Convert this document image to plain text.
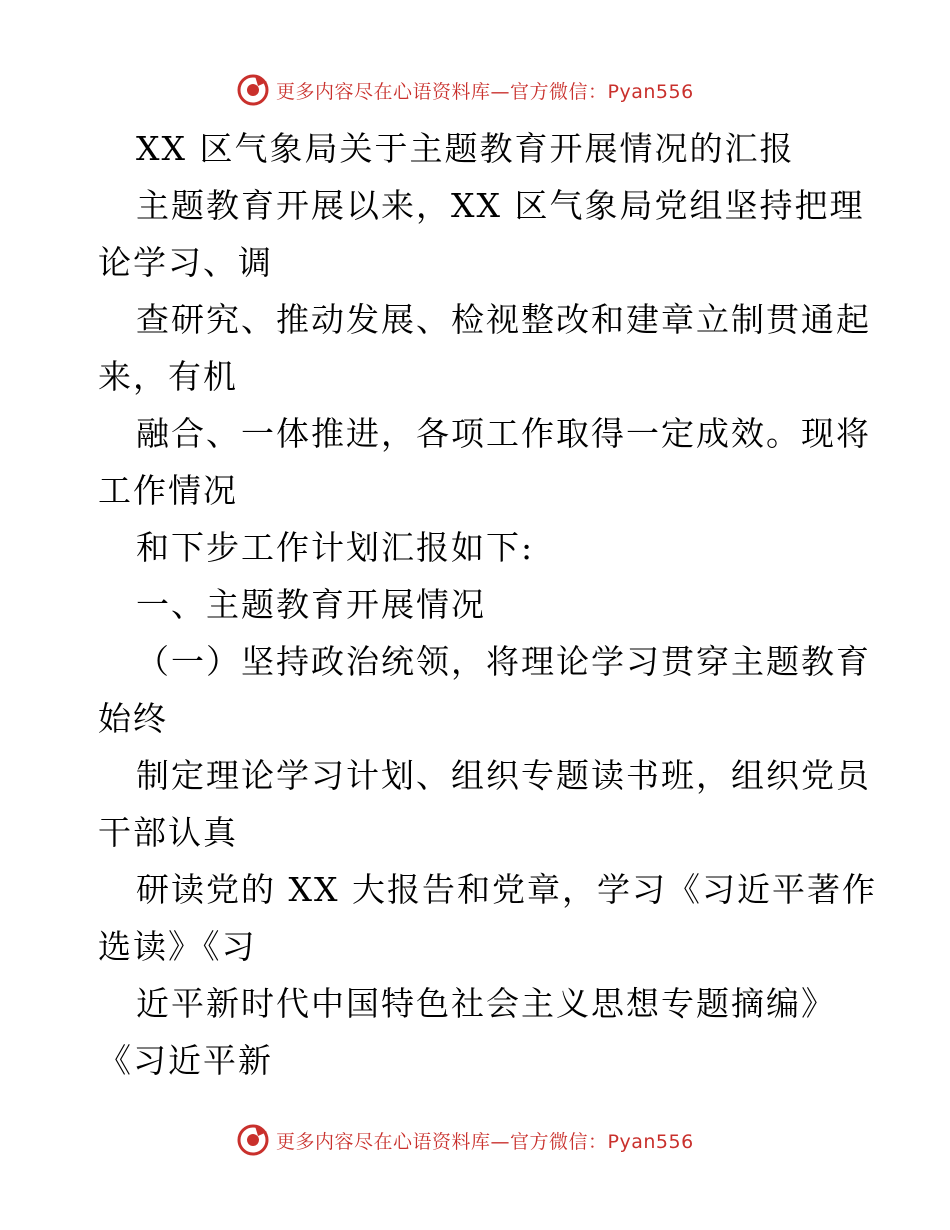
更多内容尽在心语资料库—官方微信：Pyan556

XX 区气象局关于主题教育开展情况的汇报

主题教育开展以来，XX 区气象局党组坚持把理

论学习、调

查研究、推动发展、检视整改和建章立制贯通起

来，有机

融合、一体推进，各项工作取得一定成效。现将

工作情况

和下步工作计划汇报如下:

一、主题教育开展情况

（一）坚持政治统领，将理论学习贯穿主题教育

始终

制定理论学习计划、组织专题读书班，组织党员

干部认真

研读党的 XX 大报告和党章，学习《习近平著作

选读》《习

近平新时代中国特色社会主义思想专题摘编》

《习近平新

更多内容尽在心语资料库—官方微信：Pyan556
